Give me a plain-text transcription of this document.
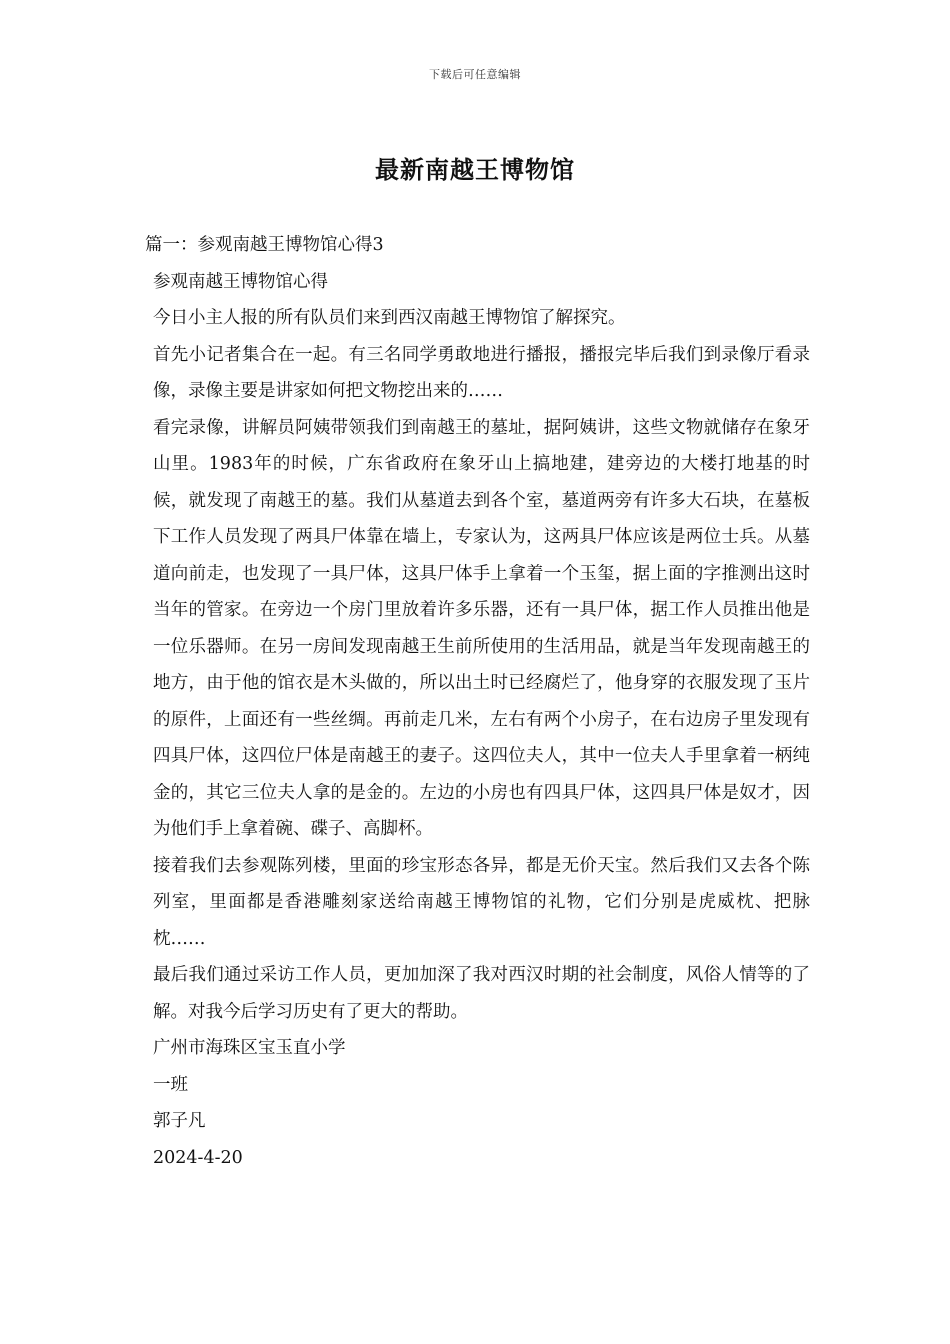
下载后可任意编辑
最新南越王博物馆

篇一：参观南越王博物馆心得3

参观南越王博物馆心得

今日小主人报的所有队员们来到西汉南越王博物馆了解探究。

首先小记者集合在一起。有三名同学勇敢地进行播报，播报完毕后我们到录像厅看录像，录像主要是讲家如何把文物挖出来的……

看完录像，讲解员阿姨带领我们到南越王的墓址，据阿姨讲，这些文物就储存在象牙山里。1983年的时候，广东省政府在象牙山上搞地建，建旁边的大楼打地基的时候，就发现了南越王的墓。我们从墓道去到各个室，墓道两旁有许多大石块，在墓板下工作人员发现了两具尸体靠在墙上，专家认为，这两具尸体应该是两位士兵。从墓道向前走，也发现了一具尸体，这具尸体手上拿着一个玉玺，据上面的字推测出这时当年的管家。在旁边一个房门里放着许多乐器，还有一具尸体，据工作人员推出他是一位乐器师。在另一房间发现南越王生前所使用的生活用品，就是当年发现南越王的地方，由于他的馆衣是木头做的，所以出土时已经腐烂了，他身穿的衣服发现了玉片的原件，上面还有一些丝绸。再前走几米，左右有两个小房子，在右边房子里发现有四具尸体，这四位尸体是南越王的妻子。这四位夫人，其中一位夫人手里拿着一柄纯金的，其它三位夫人拿的是金的。左边的小房也有四具尸体，这四具尸体是奴才，因为他们手上拿着碗、碟子、高脚杯。

接着我们去参观陈列楼，里面的珍宝形态各异，都是无价天宝。然后我们又去各个陈列室，里面都是香港雕刻家送给南越王博物馆的礼物，它们分别是虎威枕、把脉枕……

最后我们通过采访工作人员，更加加深了我对西汉时期的社会制度，风俗人情等的了解。对我今后学习历史有了更大的帮助。

广州市海珠区宝玉直小学

一班

郭子凡

2024-4-20
